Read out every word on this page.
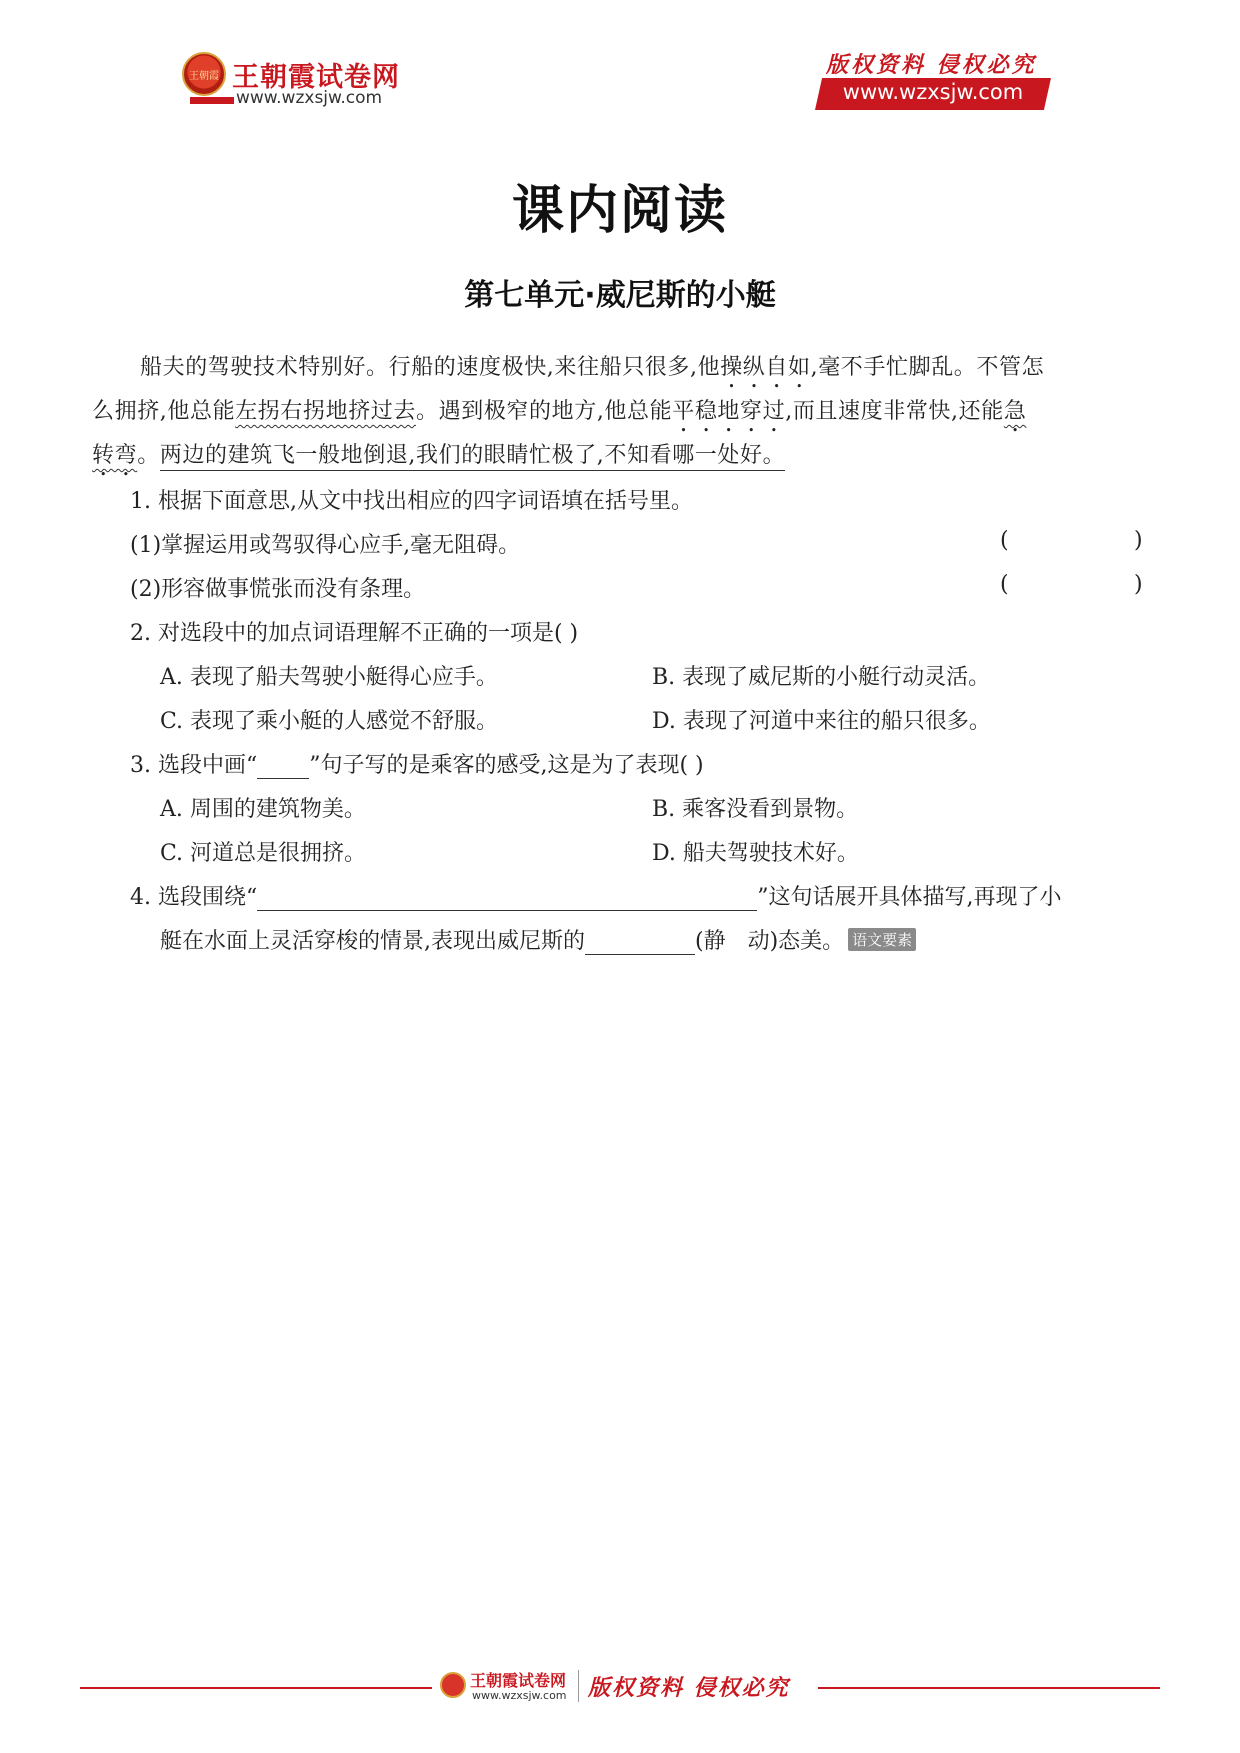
王朝霞 王朝霞试卷网
www.wzxsjw.com
版权资料 侵权必究
www.wzxsjw.com
课内阅读
第七单元·威尼斯的小艇
船夫的驾驶技术特别好。行船的速度极快,来往船只很多,他操纵自如,毫不手忙脚乱。不管怎
么拥挤,他总能左拐右拐地挤过去。遇到极窄的地方,他总能平稳地穿过,而且速度非常快,还能急
转弯。两边的建筑飞一般地倒退,我们的眼睛忙极了,不知看哪一处好。
1. 根据下面意思,从文中找出相应的四字词语填在括号里。
(1)掌握运用或驾驭得心应手,毫无阻碍。	(	)
(2)形容做事慌张而没有条理。	(	)
2. 对选段中的加点词语理解不正确的一项是( )
A. 表现了船夫驾驶小艇得心应手。	B. 表现了威尼斯的小艇行动灵活。
C. 表现了乘小艇的人感觉不舒服。	D. 表现了河道中来往的船只很多。
3. 选段中画“ ”句子写的是乘客的感受,这是为了表现( )
A. 周围的建筑物美。	B. 乘客没看到景物。
C. 河道总是很拥挤。	D. 船夫驾驶技术好。
4. 选段围绕“	”这句话展开具体描写,再现了小
艇在水面上灵活穿梭的情景,表现出威尼斯的	(静　动)态美。 语文要素
王朝霞试卷网
www.wzxsjw.com 版权资料 侵权必究
